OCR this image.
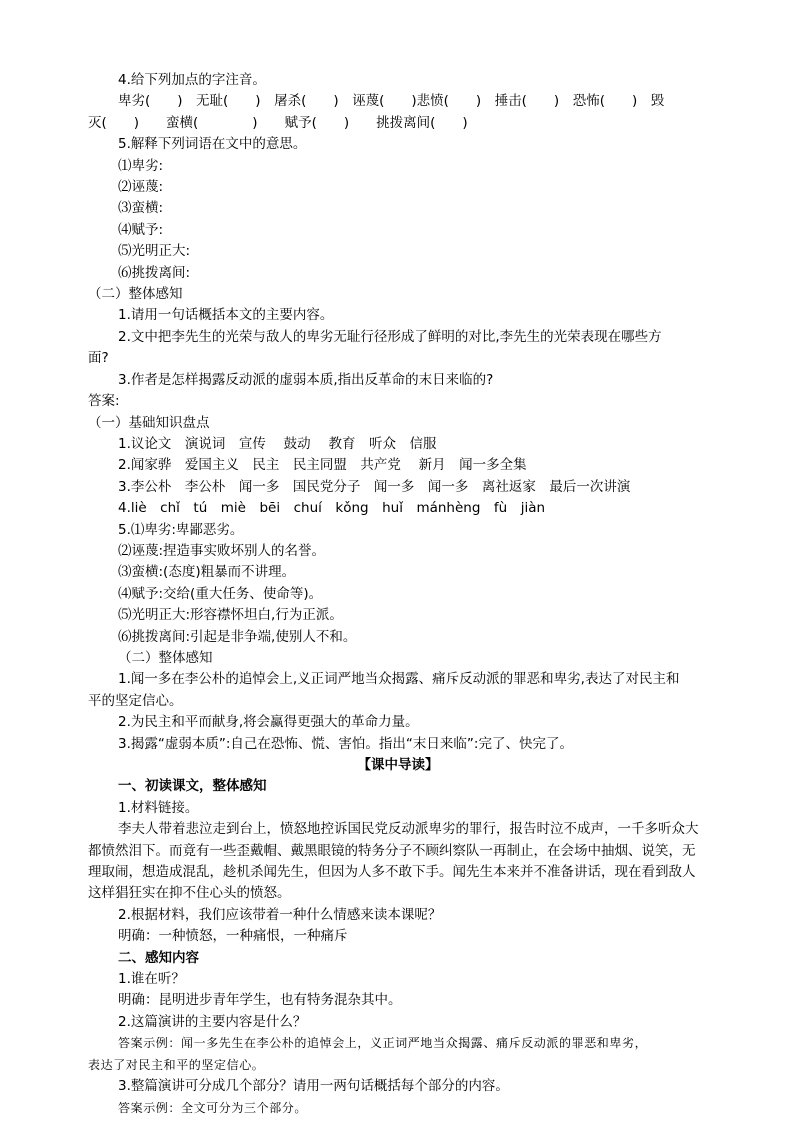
4.给下列加点的字注音。
卑劣(　　)　无耻(　　)　屠杀(　　)　诬蔑(　　)悲愤(　　)　捶击(　　)　恐怖(　　)　毁
灭(　　)　　蛮横(　　　　)　　赋予(　　)　　挑拨离间(　　)
5.解释下列词语在文中的意思。
⑴卑劣:
⑵诬蔑:
⑶蛮横:
⑷赋予:
⑸光明正大:
⑹挑拨离间:
（二）整体感知
1.请用一句话概括本文的主要内容。
2.文中把李先生的光荣与敌人的卑劣无耻行径形成了鲜明的对比,李先生的光荣表现在哪些方
面?
3.作者是怎样揭露反动派的虚弱本质,指出反革命的末日来临的?
答案:
（一）基础知识盘点
1.议论文　演说词　宣传　 鼓动　 教育　听众　信服
2.闻家骅　爱国主义　民主　民主同盟　共产党　 新月　闻一多全集
3.李公朴　李公朴　闻一多　国民党分子　闻一多　闻一多　离社返家　最后一次讲演
4.liè　chǐ　tú　miè　bēi　chuí　kǒng　huǐ　mánhèng　fù　jiàn
5.⑴卑劣:卑鄙恶劣。
⑵诬蔑:捏造事实败坏别人的名誉。
⑶蛮横:(态度)粗暴而不讲理。
⑷赋予:交给(重大任务、使命等)。
⑸光明正大:形容襟怀坦白,行为正派。
⑹挑拨离间:引起是非争端,使别人不和。
（二）整体感知
1.闻一多在李公朴的追悼会上,义正词严地当众揭露、痛斥反动派的罪恶和卑劣,表达了对民主和
平的坚定信心。
2.为民主和平而献身,将会赢得更强大的革命力量。
3.揭露“虚弱本质”:自己在恐怖、慌、害怕。指出“末日来临”:完了、快完了。
【课中导读】
一、初读课文，整体感知
1.材料链接。
李夫人带着悲泣走到台上，愤怒地控诉国民党反动派卑劣的罪行，报告时泣不成声，一千多听众大都愤然泪下。而竟有一些歪戴帽、戴黑眼镜的特务分子不顾纠察队一再制止，在会场中抽烟、说笑，无理取闹，想造成混乱，趁机杀闻先生，但因为人多不敢下手。闻先生本来并不准备讲话，现在看到敌人这样猖狂实在抑不住心头的愤怒。
2.根据材料，我们应该带着一种什么情感来读本课呢？
明确：一种愤怒，一种痛恨，一种痛斥
二、感知内容
1.谁在听？
明确：昆明进步青年学生，也有特务混杂其中。
2.这篇演讲的主要内容是什么？
答案示例：闻一多先生在李公朴的追悼会上，义正词严地当众揭露、痛斥反动派的罪恶和卑劣，
表达了对民主和平的坚定信心。
3.整篇演讲可分成几个部分？请用一两句话概括每个部分的内容。
答案示例：全文可分为三个部分。
